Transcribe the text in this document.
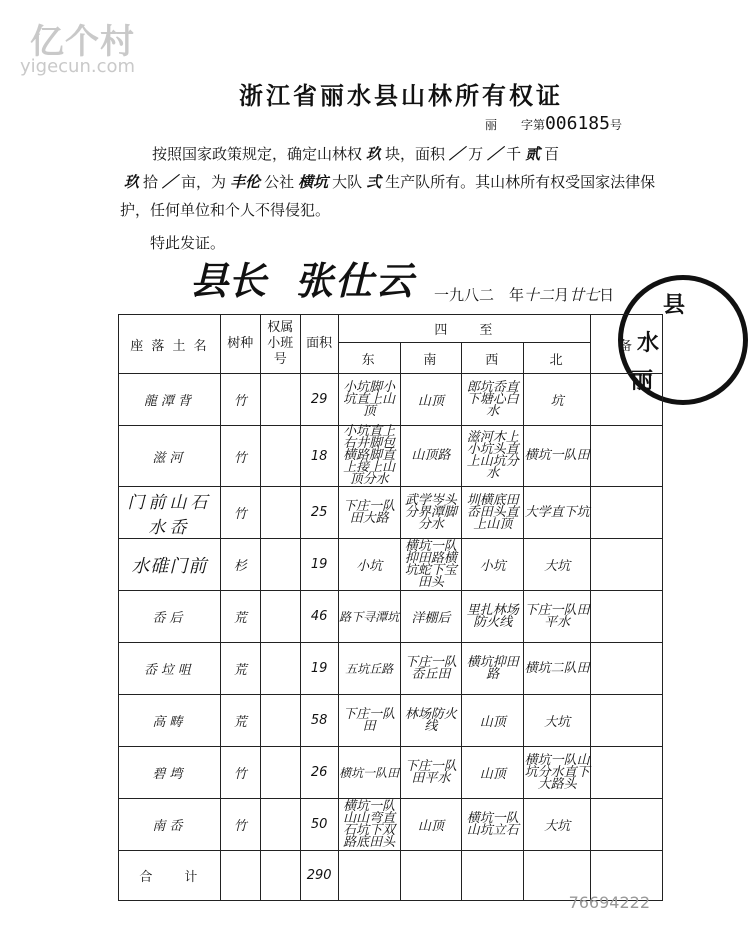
亿个村
yigecun.com
浙江省丽水县山林所有权证
丽　　字第006185号
按照国家政策规定，确定山林权 玖 块，面积 ／ 万 ／ 千 贰 百
玖 拾 ／ 亩，为 丰伦 公社 横坑 大队 弍 生产队所有。其山林所有权受国家法律保护，任何单位和个人不得侵犯。
特此发证。
县长 张仕云 一九八二　 年十二月廿七日 县
水
丽
座 落 土 名	树种	权属小班号	面积	四　　至				备
				东	南	西	北	
龍潭背	竹		29	小坑脚小坑直上山顶	山顶	郎坑岙直下塘心白水	坑	
滋河	竹		18	小坑直上右井脚包横路脚直上接上山顶分水	山顶路	滋河木上小坑头直上山坑分水	横坑一队田	
门前山石水岙	竹		25	下庄一队田大路	武学岑头分界潭脚分水	圳横底田岙田头直上山顶	大学直下坑	
水碓门前	杉		19	小坑	横坑一队抑田路横坑蛇下宝田头	小坑	大坑	
岙后	荒		46	路下寻潭坑	洋棚后	里扎林场防火线	下庄一队田平水	
岙垃咀	荒		19	五坑丘路	下庄一队岙丘田	横坑抑田路	横坑二队田	
高畴	荒		58	下庄一队田	林场防火线	山顶	大坑	
碧塆	竹		26	横坑一队田	下庄一队田平水	山顶	横坑一队山坑分水直下大路头	
南岙	竹		50	横坑一队山山弯直石坑下双路底田头	山顶	横坑一队山坑立石	大坑	
合　　计			290					
76694222
